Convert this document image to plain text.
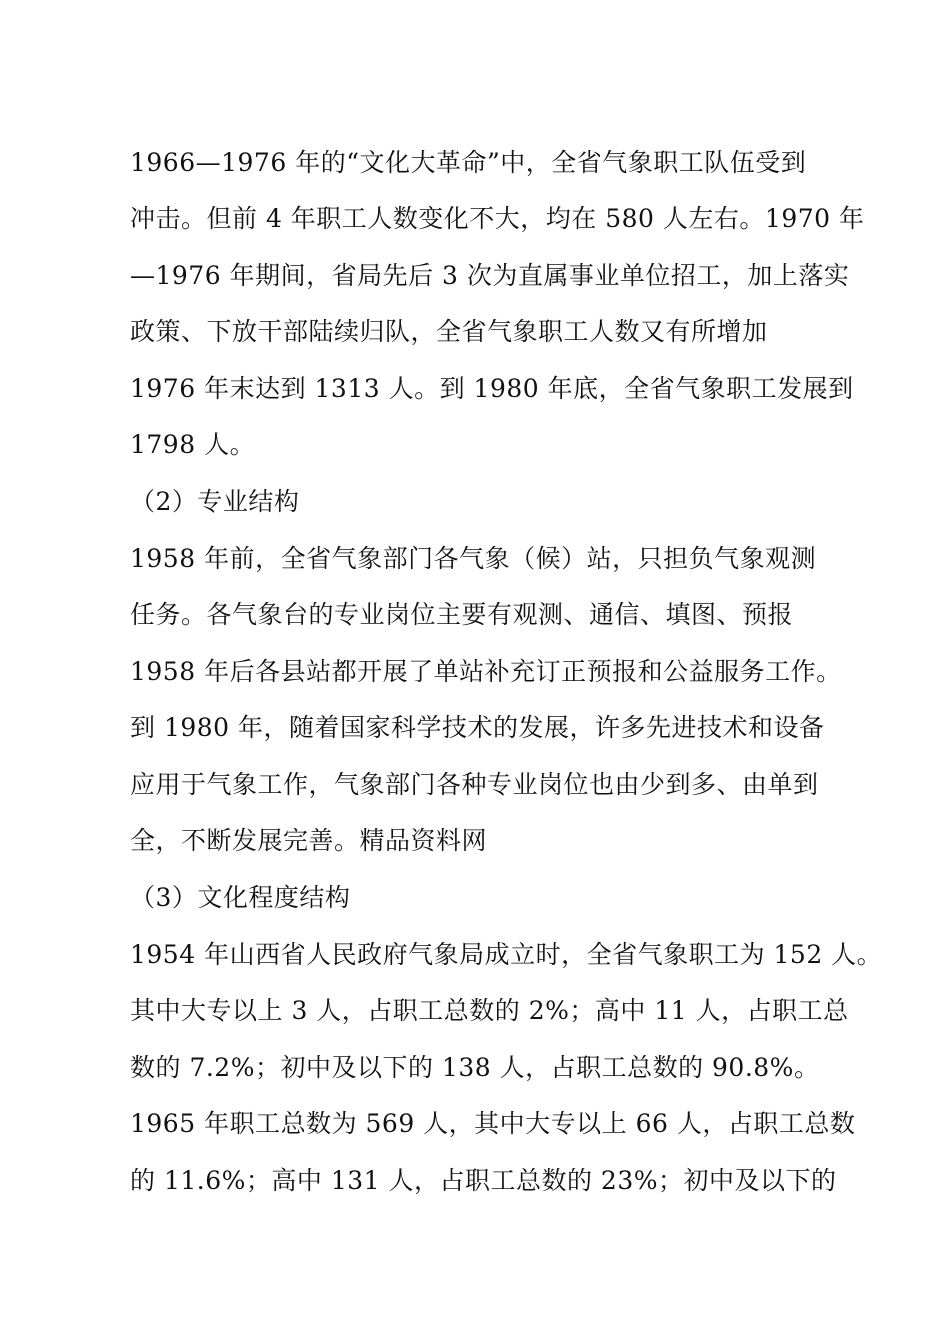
1966—1976 年的“文化大革命”中，全省气象职工队伍受到
冲击。但前 4 年职工人数变化不大，均在 580 人左右。1970 年
—1976 年期间，省局先后 3 次为直属事业单位招工，加上落实
政策、下放干部陆续归队，全省气象职工人数又有所增加
1976 年末达到 1313 人。到 1980 年底，全省气象职工发展到
1798 人。
（2）专业结构
1958 年前，全省气象部门各气象（候）站，只担负气象观测
任务。各气象台的专业岗位主要有观测、通信、填图、预报
1958 年后各县站都开展了单站补充订正预报和公益服务工作。
到 1980 年，随着国家科学技术的发展，许多先进技术和设备
应用于气象工作，气象部门各种专业岗位也由少到多、由单到
全，不断发展完善。精品资料网
（3）文化程度结构
1954 年山西省人民政府气象局成立时，全省气象职工为 152 人。
其中大专以上 3 人，占职工总数的 2%；高中 11 人，占职工总
数的 7.2%；初中及以下的 138 人，占职工总数的 90.8%。
1965 年职工总数为 569 人，其中大专以上 66 人，占职工总数
的 11.6%；高中 131 人，占职工总数的 23%；初中及以下的
